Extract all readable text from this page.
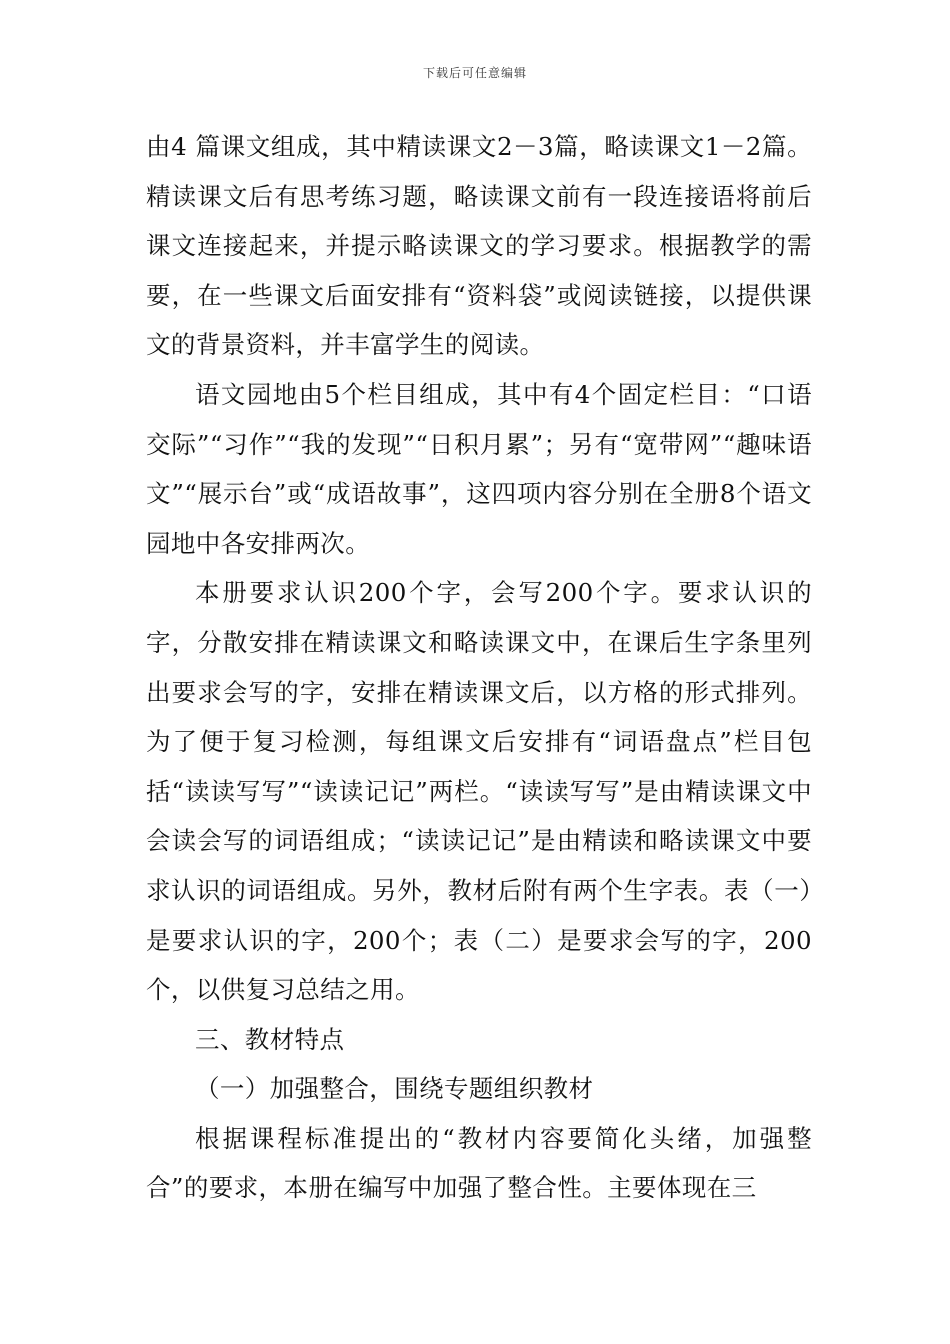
下载后可任意编辑

由4 篇课文组成，其中精读课文2－3篇，略读课文1－2篇。精读课文后有思考练习题，略读课文前有一段连接语将前后课文连接起来，并提示略读课文的学习要求。根据教学的需要，在一些课文后面安排有“资料袋”或阅读链接，以提供课文的背景资料，并丰富学生的阅读。

语文园地由5个栏目组成，其中有4个固定栏目：“口语交际”“习作”“我的发现”“日积月累”；另有“宽带网”“趣味语文”“展示台”或“成语故事”，这四项内容分别在全册8个语文园地中各安排两次。

本册要求认识200个字，会写200个字。要求认识的字，分散安排在精读课文和略读课文中，在课后生字条里列出要求会写的字，安排在精读课文后，以方格的形式排列。为了便于复习检测，每组课文后安排有“词语盘点”栏目包括“读读写写”“读读记记”两栏。“读读写写”是由精读课文中会读会写的词语组成；“读读记记”是由精读和略读课文中要求认识的词语组成。另外，教材后附有两个生字表。表（一）是要求认识的字，200个；表（二）是要求会写的字，200个，以供复习总结之用。

三、教材特点

（一）加强整合，围绕专题组织教材

根据课程标准提出的“教材内容要简化头绪，加强整合”的要求，本册在编写中加强了整合性。主要体现在三
